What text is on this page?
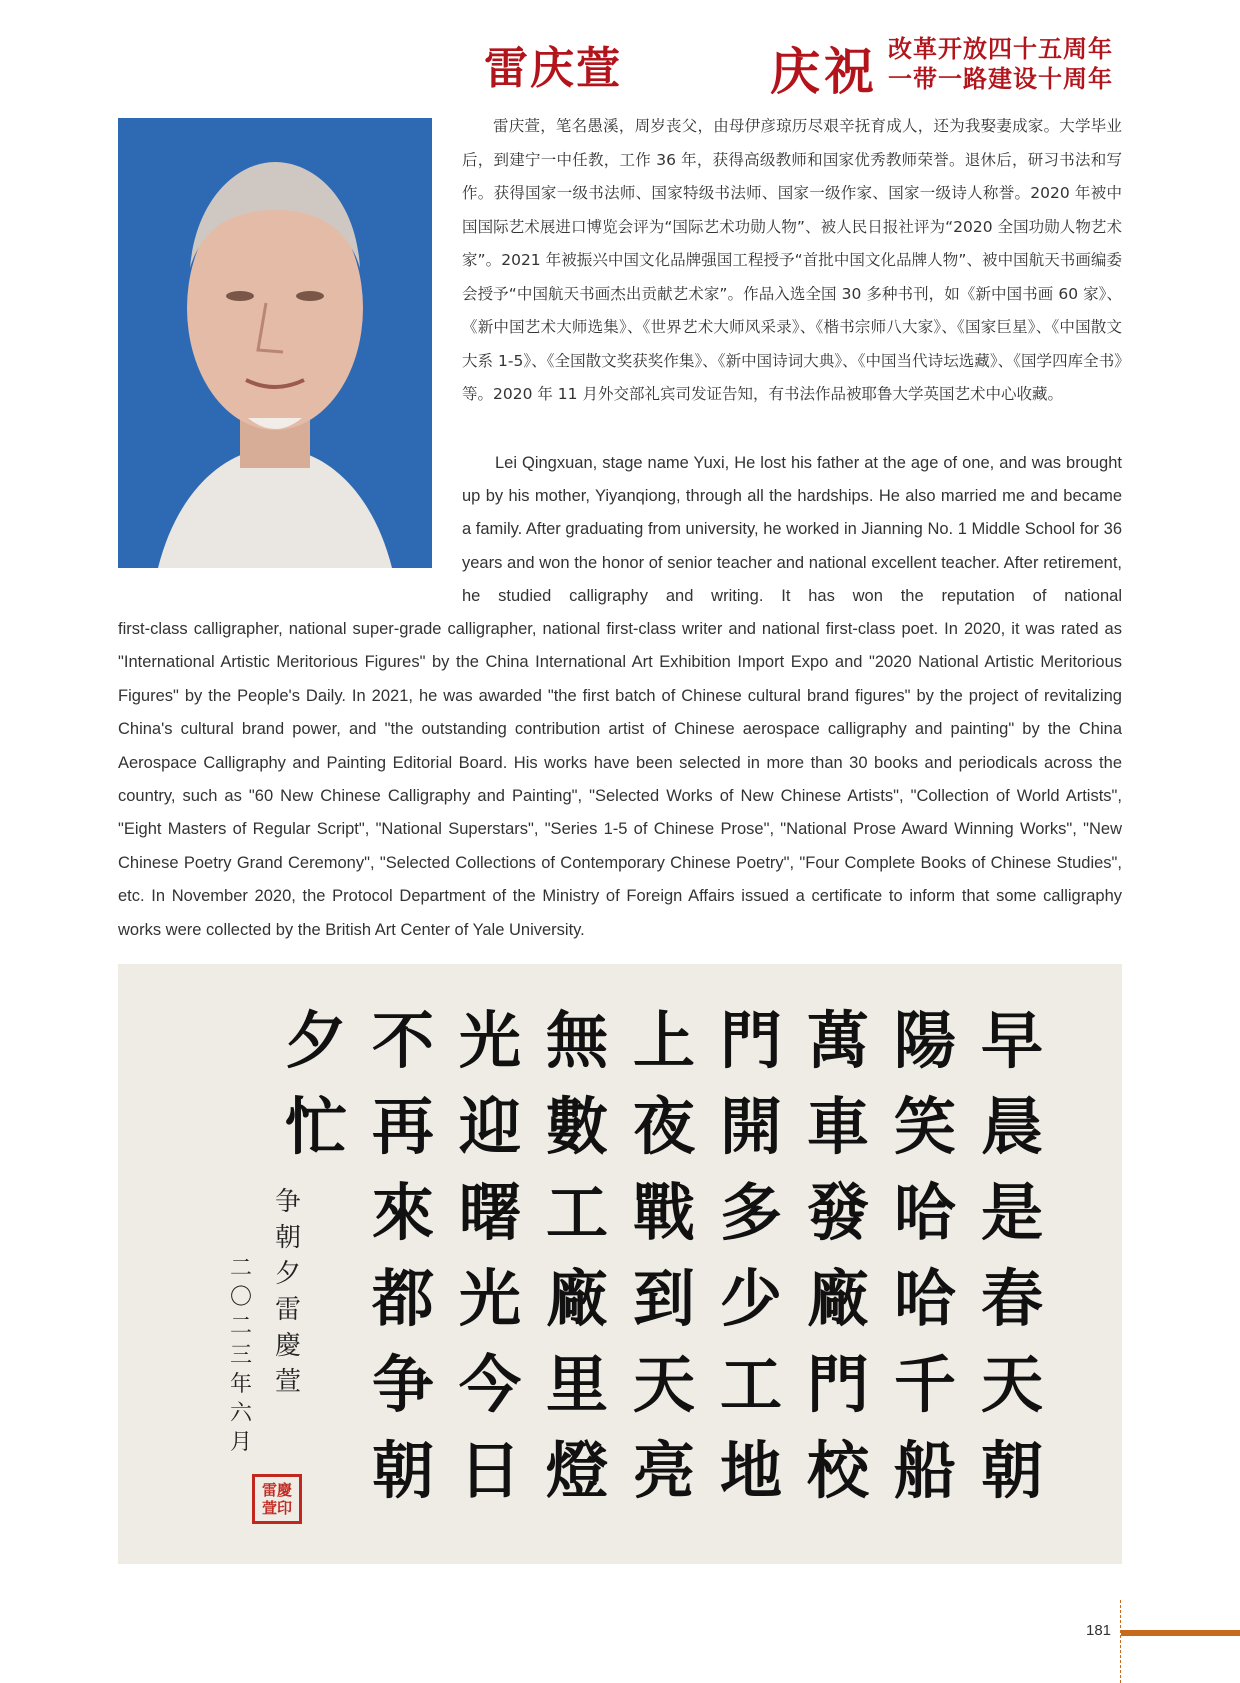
雷庆萱	庆祝 改革开放四十五周年
一带一路建设十周年

雷庆萱，笔名愚溪，周岁丧父，由母伊彦琼历尽艰辛抚育成人，还为我娶妻成家。大学毕业后，到建宁一中任教，工作 36 年，获得高级教师和国家优秀教师荣誉。退休后，研习书法和写作。获得国家一级书法师、国家特级书法师、国家一级作家、国家一级诗人称誉。2020 年被中国国际艺术展进口博览会评为“国际艺术功勋人物”、被人民日报社评为“2020 全国功勋人物艺术家”。2021 年被振兴中国文化品牌强国工程授予“首批中国文化品牌人物”、被中国航天书画编委会授予“中国航天书画杰出贡献艺术家”。作品入选全国 30 多种书刊，如《新中国书画 60 家》、《新中国艺术大师选集》、《世界艺术大师风采录》、《楷书宗师八大家》、《国家巨星》、《中国散文大系 1-5》、《全国散文奖获奖作集》、《新中国诗词大典》、《中国当代诗坛选藏》、《国学四库全书》等。2020 年 11 月外交部礼宾司发证告知，有书法作品被耶鲁大学英国艺术中心收藏。

Lei Qingxuan, stage name Yuxi, He lost his father at the age of one, and was brought up by his mother, Yiyanqiong, through all the hardships. He also married me and became a family. After graduating from university, he worked in Jianning No. 1 Middle School for 36 years and won the honor of senior teacher and national excellent teacher. After retirement, he studied calligraphy and writing. It has won the reputation of national
first-class calligrapher, national super-grade calligrapher, national first-class writer and national first-class poet. In 2020, it was rated as "International Artistic Meritorious Figures" by the China International Art Exhibition Import Expo and "2020 National Artistic Meritorious Figures" by the People's Daily. In 2021, he was awarded "the first batch of Chinese cultural brand figures" by the project of revitalizing China's cultural brand power, and "the outstanding contribution artist of Chinese aerospace calligraphy and painting" by the China Aerospace Calligraphy and Painting Editorial Board. His works have been selected in more than 30 books and periodicals across the country, such as "60 New Chinese Calligraphy and Painting", "Selected Works of New Chinese Artists", "Collection of World Artists", "Eight Masters of Regular Script", "National Superstars", "Series 1-5 of Chinese Prose", "National Prose Award Winning Works", "New Chinese Poetry Grand Ceremony", "Selected Collections of Contemporary Chinese Poetry", "Four Complete Books of Chinese Studies", etc. In November 2020, the Protocol Department of the Ministry of Foreign Affairs issued a certificate to inform that some calligraphy works were collected by the British Art Center of Yale University.
早
晨
是
春
天
朝
陽
笑
哈
哈
千
船
萬
車
發
廠
門
校
門
開
多
少
工
地
上
夜
戰
到
天
亮
無
數
工
廠
里
燈
光
迎
曙
光
今
日
不
再
來
都
争
朝
夕
忙
争
朝
夕
雷
慶
萱
二
〇
二
三
年
六
月
雷慶萱印
181
